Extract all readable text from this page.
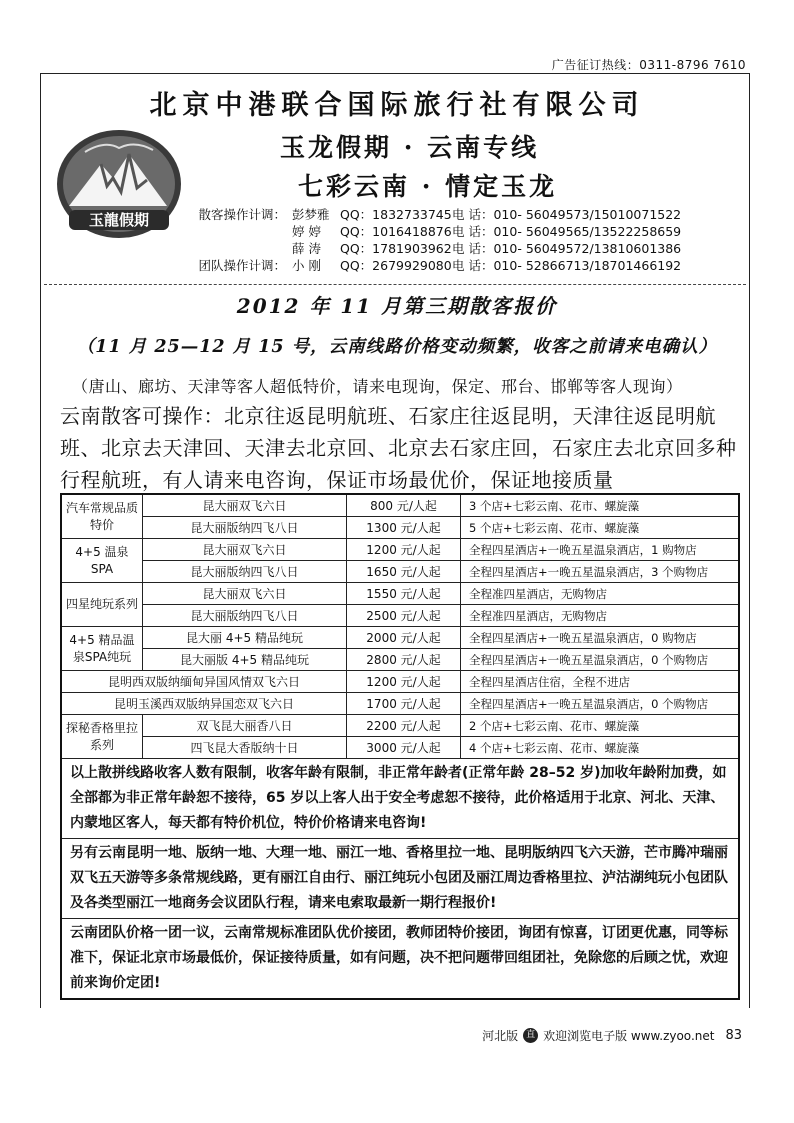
广告征订热线：0311-8796 7610
北京中港联合国际旅行社有限公司
玉龍假期
玉龙假期 · 云南专线
七彩云南 · 情定玉龙
散客操作计调： 彭梦雅 QQ：1832733745 电 话：010- 56049573/15010071522
婷 婷	QQ：1016418876 电 话：010- 56049565/13522258659
薛 涛	QQ：1781903962 电 话：010- 56049572/13810601386
团队操作计调： 小 刚	QQ：2679929080 电 话：010- 52866713/18701466192
2012 年 11 月第三期散客报价
（11 月 25—12 月 15 号，云南线路价格变动频繁，收客之前请来电确认）
（唐山、廊坊、天津等客人超低特价，请来电现询，保定、邢台、邯郸等客人现询）
云南散客可操作：北京往返昆明航班、石家庄往返昆明，天津往返昆明航班、北京去天津回、天津去北京回、北京去石家庄回，石家庄去北京回多种行程航班，有人请来电咨询，保证市场最优价，保证地接质量
汽车常规品质特价	昆大丽双飞六日	800 元/人起	3 个店+七彩云南、花市、螺旋藻
	昆大丽版纳四飞八日	1300 元/人起	5 个店+七彩云南、花市、螺旋藻
4+5 温泉 SPA	昆大丽双飞六日	1200 元/人起	全程四星酒店+一晚五星温泉酒店，1 购物店
	昆大丽版纳四飞八日	1650 元/人起	全程四星酒店+一晚五星温泉酒店，3 个购物店
四星纯玩系列	昆大丽双飞六日	1550 元/人起	全程准四星酒店，无购物店
	昆大丽版纳四飞八日	2500 元/人起	全程准四星酒店，无购物店
4+5 精品温泉SPA纯玩	昆大丽 4+5 精品纯玩	2000 元/人起	全程四星酒店+一晚五星温泉酒店，0 购物店
	昆大丽版 4+5 精品纯玩	2800 元/人起	全程四星酒店+一晚五星温泉酒店，0 个购物店
昆明西双版纳缅甸异国风情双飞六日		1200 元/人起	全程四星酒店住宿，全程不进店
昆明玉溪西双版纳异国恋双飞六日		1700 元/人起	全程四星酒店+一晚五星温泉酒店，0 个购物店
探秘香格里拉系列	双飞昆大丽香八日	2200 元/人起	2 个店+七彩云南、花市、螺旋藻
	四飞昆大香版纳十日	3000 元/人起	4 个店+七彩云南、花市、螺旋藻
以上散拼线路收客人数有限制，收客年龄有限制，非正常年龄者(正常年龄 28–52 岁)加收年龄附加费，如全部都为非正常年龄恕不接待，65 岁以上客人出于安全考虑恕不接待，此价格适用于北京、河北、天津、内蒙地区客人，每天都有特价机位，特价价格请来电咨询!			
另有云南昆明一地、版纳一地、大理一地、丽江一地、香格里拉一地、昆明版纳四飞六天游，芒市腾冲瑞丽双飞五天游等多条常规线路，更有丽江自由行、丽江纯玩小包团及丽江周边香格里拉、泸沽湖纯玩小包团队及各类型丽江一地商务会议团队行程，请来电索取最新一期行程报价!			
云南团队价格一团一议，云南常规标准团队优价接团，教师团特价接团，询团有惊喜，订团更优惠，同等标准下，保证北京市场最低价，保证接待质量，如有问题，决不把问题带回组团社，免除您的后顾之忧，欢迎前来询价定团!			
河北版 直 欢迎浏览电子版 www.zyoo.net 83
